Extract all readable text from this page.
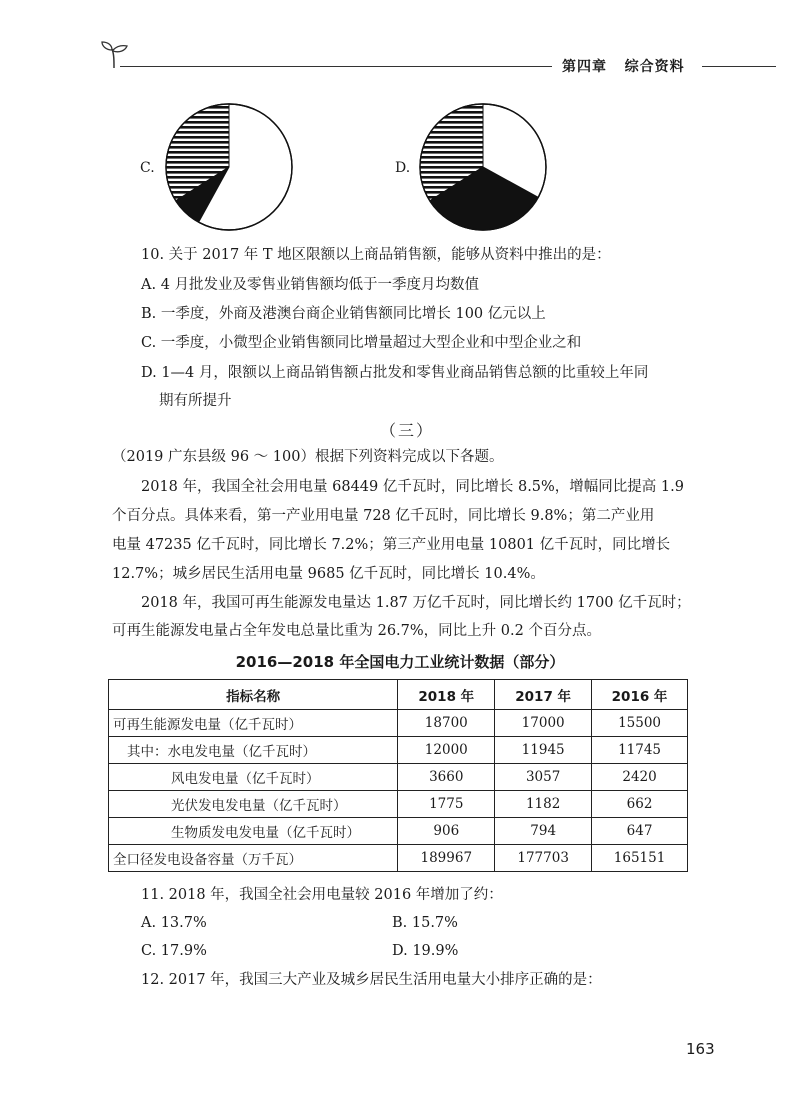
第四章 综合资料
C.	D.
10. 关于 2017 年 T 地区限额以上商品销售额，能够从资料中推出的是：
A. 4 月批发业及零售业销售额均低于一季度月均数值
B. 一季度，外商及港澳台商企业销售额同比增长 100 亿元以上
C. 一季度，小微型企业销售额同比增量超过大型企业和中型企业之和
D. 1—4 月，限额以上商品销售额占批发和零售业商品销售总额的比重较上年同
期有所提升
（三）
（2019 广东县级 96 ～ 100）根据下列资料完成以下各题。
2018 年，我国全社会用电量 68449 亿千瓦时，同比增长 8.5%，增幅同比提高 1.9
个百分点。具体来看，第一产业用电量 728 亿千瓦时，同比增长 9.8%；第二产业用
电量 47235 亿千瓦时，同比增长 7.2%；第三产业用电量 10801 亿千瓦时，同比增长
12.7%；城乡居民生活用电量 9685 亿千瓦时，同比增长 10.4%。
2018 年，我国可再生能源发电量达 1.87 万亿千瓦时，同比增长约 1700 亿千瓦时；
可再生能源发电量占全年发电总量比重为 26.7%，同比上升 0.2 个百分点。
2016—2018 年全国电力工业统计数据（部分）
指标名称	2018 年	2017 年	2016 年
可再生能源发电量（亿千瓦时）	18700	17000	15500
其中：水电发电量（亿千瓦时）	12000	11945	11745
风电发电量（亿千瓦时）	3660	3057	2420
光伏发电发电量（亿千瓦时）	1775	1182	662
生物质发电发电量（亿千瓦时）	906	794	647
全口径发电设备容量（万千瓦）	189967	177703	165151
11. 2018 年，我国全社会用电量较 2016 年增加了约：
A. 13.7%	B. 15.7%
C. 17.9%	D. 19.9%
12. 2017 年，我国三大产业及城乡居民生活用电量大小排序正确的是：
163
